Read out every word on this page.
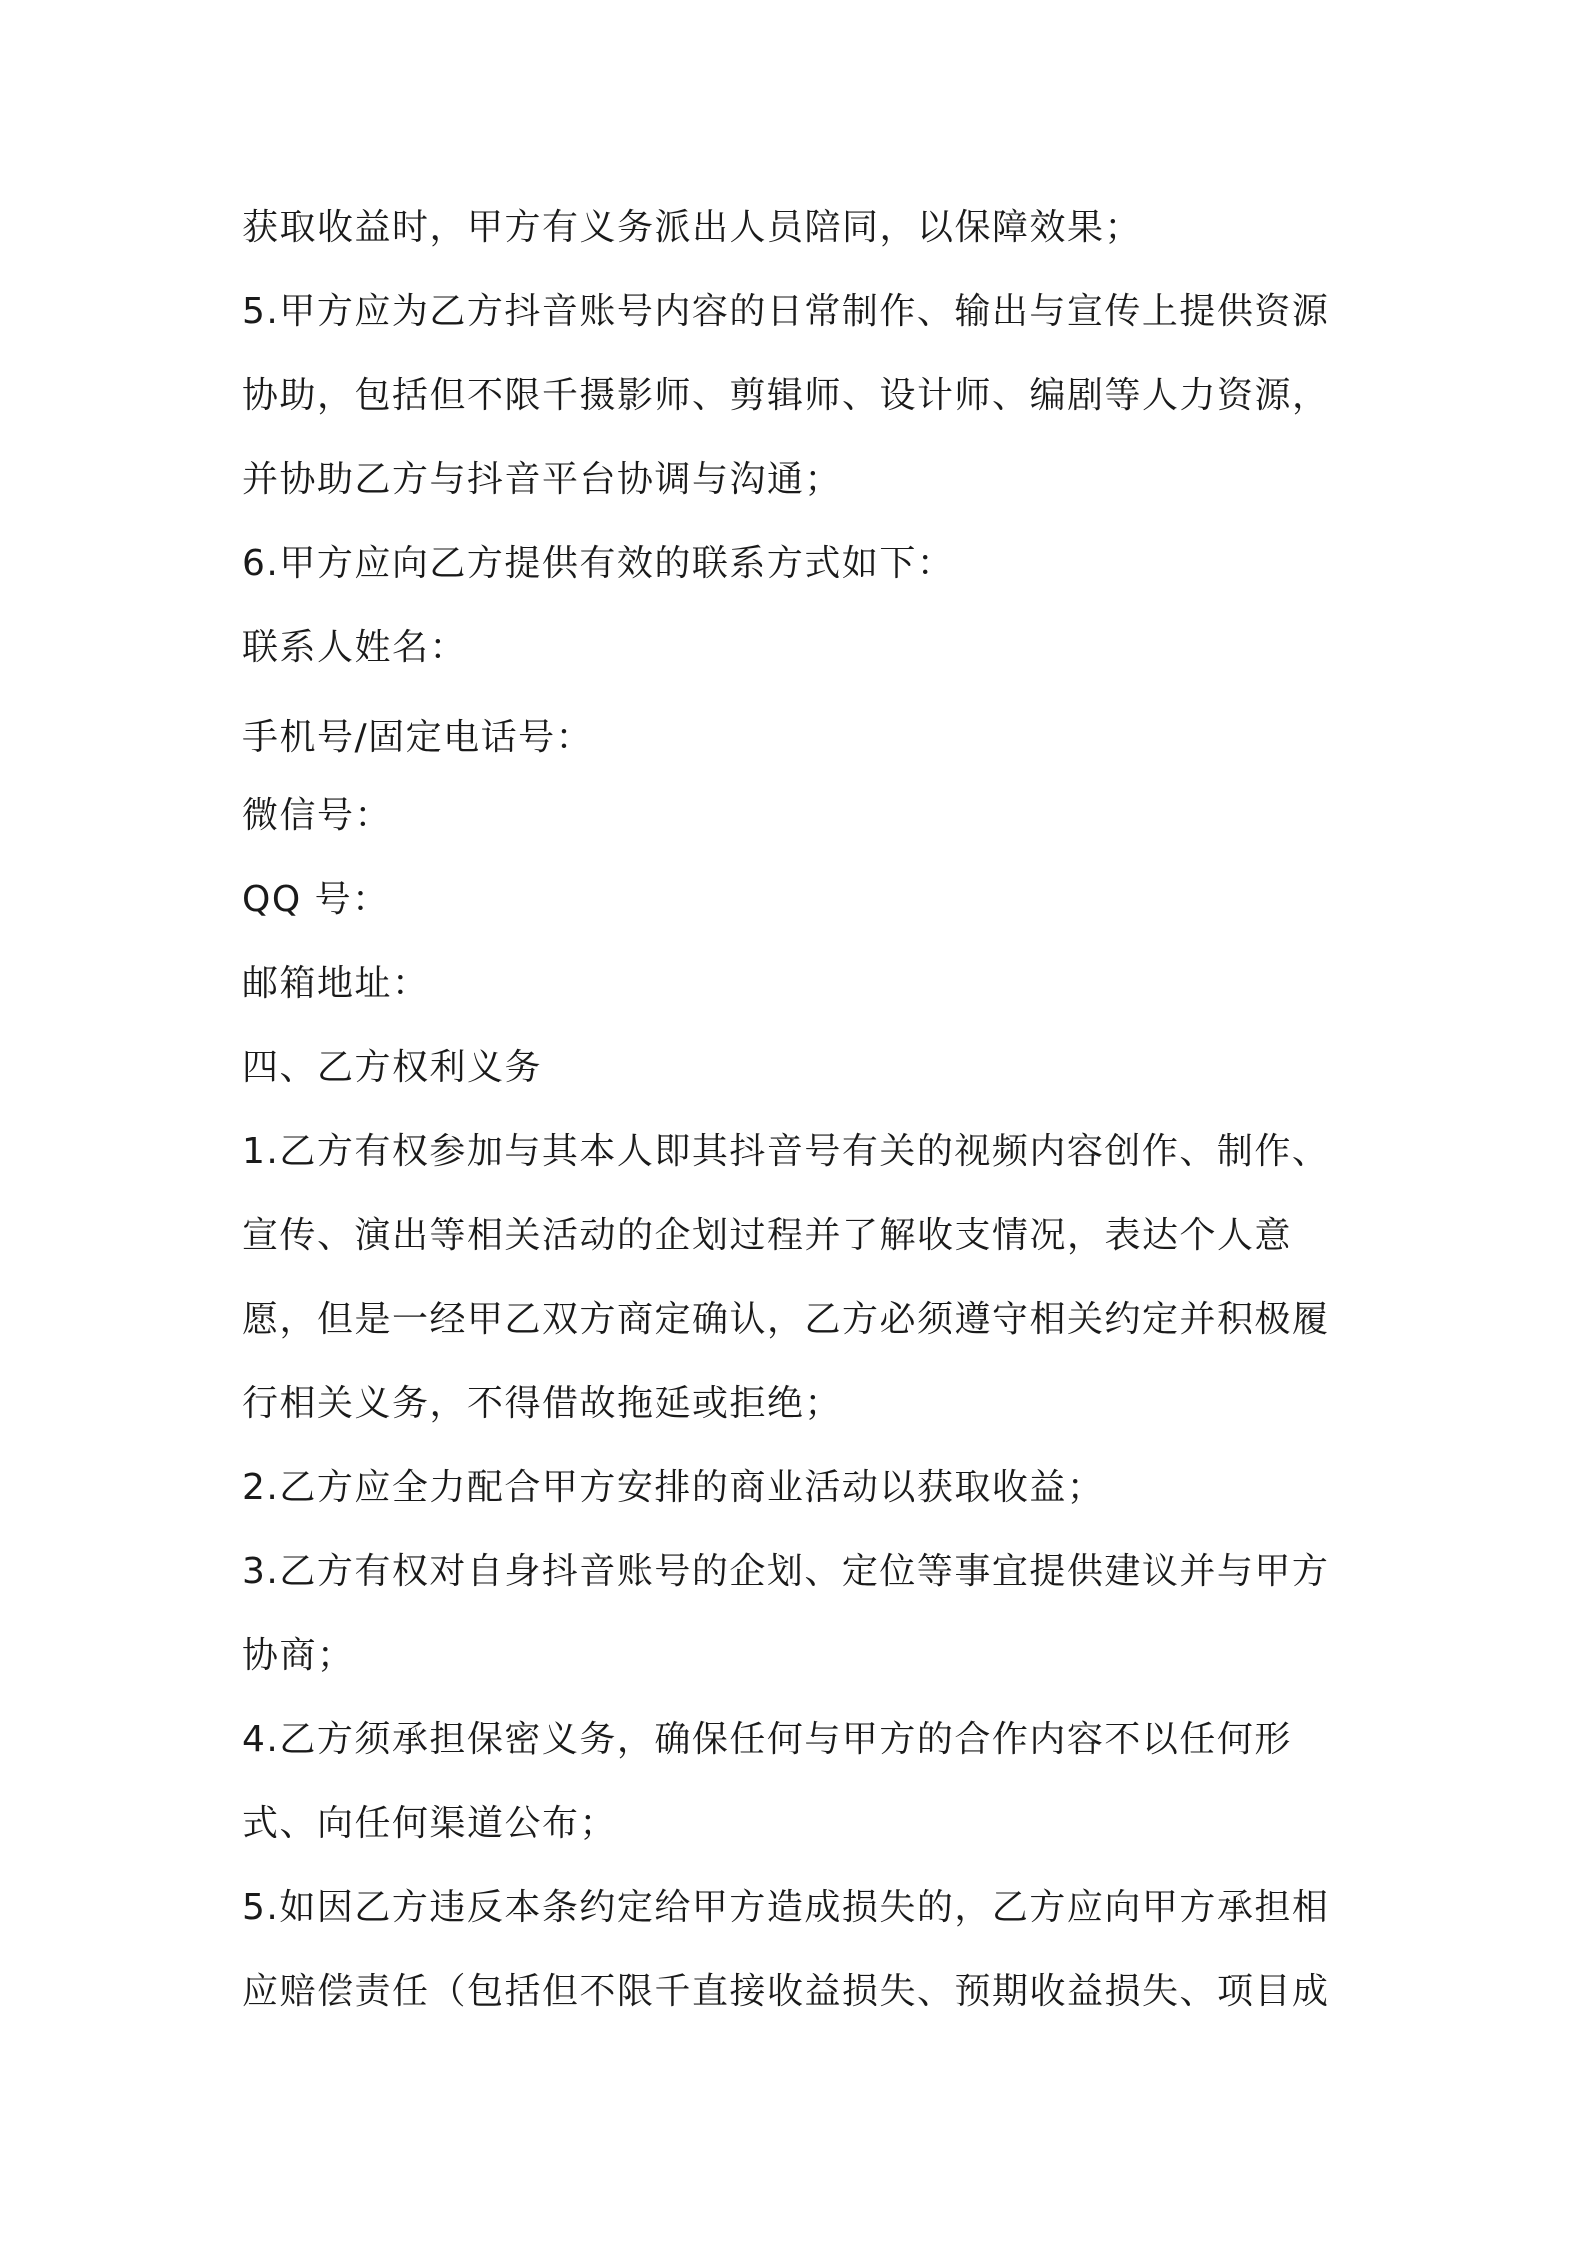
获取收益时，甲方有义务派出人员陪同，以保障效果；
5.甲方应为乙方抖音账号内容的日常制作、输出与宣传上提供资源
协助，包括但不限千摄影师、剪辑师、设计师、编剧等人力资源，
并协助乙方与抖音平台协调与沟通；
6.甲方应向乙方提供有效的联系方式如下：
联系人姓名：
手机号/固定电话号：
微信号：
QQ 号：
邮箱地址：
四、乙方权利义务
1.乙方有权参加与其本人即其抖音号有关的视频内容创作、制作、
宣传、演出等相关活动的企划过程并了解收支情况，表达个人意
愿，但是一经甲乙双方商定确认，乙方必须遵守相关约定并积极履
行相关义务，不得借故拖延或拒绝；
2.乙方应全力配合甲方安排的商业活动以获取收益；
3.乙方有权对自身抖音账号的企划、定位等事宜提供建议并与甲方
协商；
4.乙方须承担保密义务，确保任何与甲方的合作内容不以任何形
式、向任何渠道公布；
5.如因乙方违反本条约定给甲方造成损失的，乙方应向甲方承担相
应赔偿责任（包括但不限千直接收益损失、预期收益损失、项目成
